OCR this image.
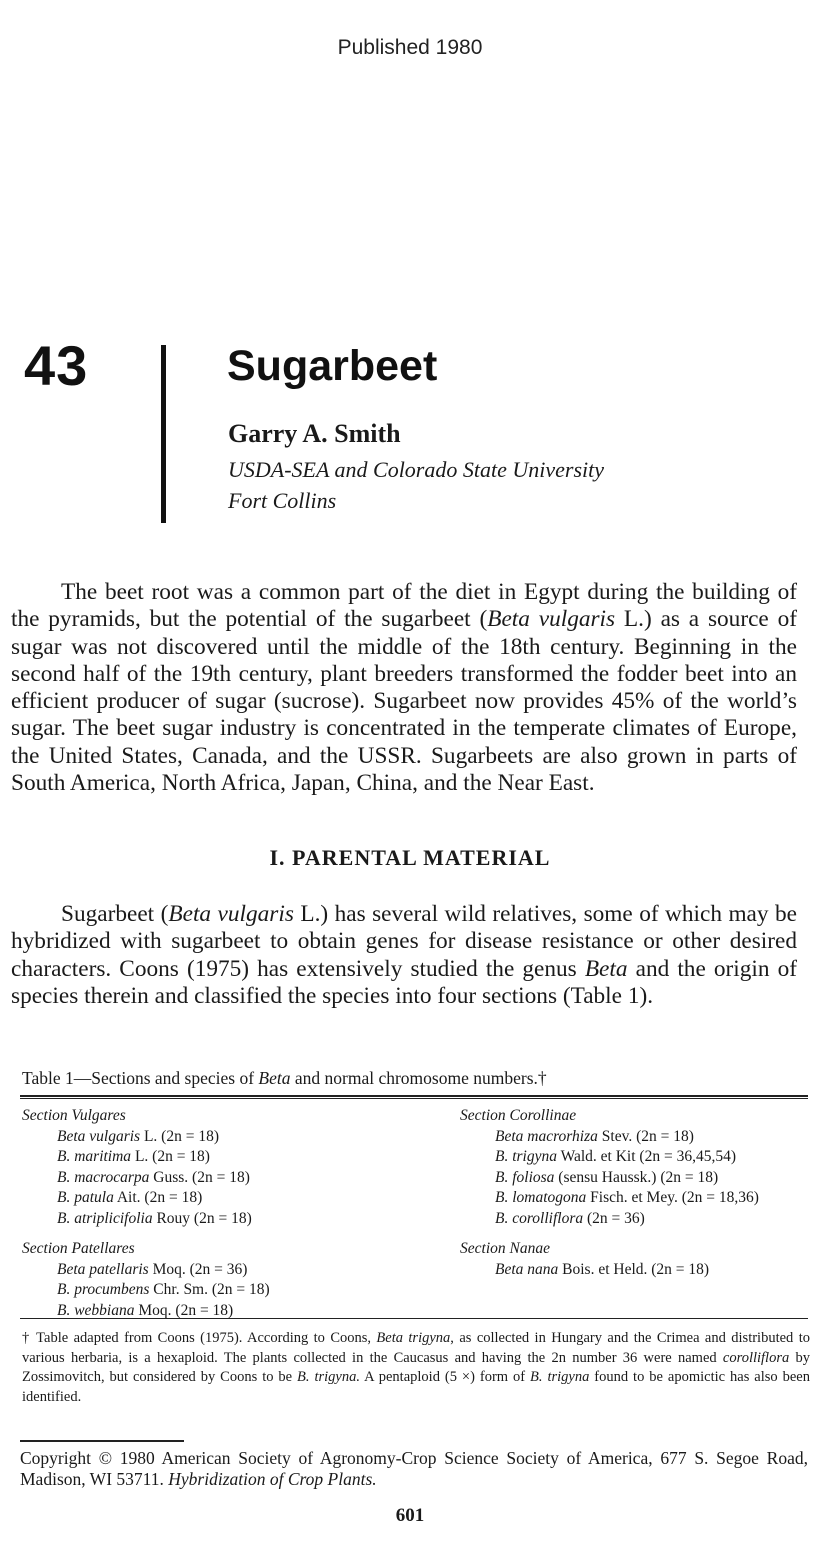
Published 1980
43	Sugarbeet
Garry A. Smith
USDA-SEA and Colorado State University
Fort Collins
The beet root was a common part of the diet in Egypt during the building of the pyramids, but the potential of the sugarbeet (Beta vulgaris L.) as a source of sugar was not discovered until the middle of the 18th century. Beginning in the second half of the 19th century, plant breeders transformed the fodder beet into an efficient producer of sugar (sucrose). Sugarbeet now provides 45% of the world’s sugar. The beet sugar industry is concentrated in the temperate climates of Europe, the United States, Canada, and the USSR. Sugarbeets are also grown in parts of South America, North Africa, Japan, China, and the Near East.
I. PARENTAL MATERIAL
Sugarbeet (Beta vulgaris L.) has several wild relatives, some of which may be hybridized with sugarbeet to obtain genes for disease resistance or other desired characters. Coons (1975) has extensively studied the genus Beta and the origin of species therein and classified the species into four sections (Table 1).
Table 1—Sections and species of Beta and normal chromosome numbers.†
Section Vulgares
Beta vulgaris L. (2n = 18)
B. maritima L. (2n = 18)
B. macrocarpa Guss. (2n = 18)
B. patula Ait. (2n = 18)
B. atriplicifolia Rouy (2n = 18)
Section Patellares
Beta patellaris Moq. (2n = 36)
B. procumbens Chr. Sm. (2n = 18)
B. webbiana Moq. (2n = 18)
Section Corollinae
Beta macrorhiza Stev. (2n = 18)
B. trigyna Wald. et Kit (2n = 36,45,54)
B. foliosa (sensu Haussk.) (2n = 18)
B. lomatogona Fisch. et Mey. (2n = 18,36)
B. corolliflora (2n = 36)
Section Nanae
Beta nana Bois. et Held. (2n = 18)
† Table adapted from Coons (1975). According to Coons, Beta trigyna, as collected in Hungary and the Crimea and distributed to various herbaria, is a hexaploid. The plants collected in the Caucasus and having the 2n number 36 were named corolliflora by Zossimovitch, but considered by Coons to be B. trigyna. A pentaploid (5 ×) form of B. trigyna found to be apomictic has also been identified.
Copyright © 1980 American Society of Agronomy-Crop Science Society of America, 677 S. Segoe Road, Madison, WI 53711. Hybridization of Crop Plants.
601
